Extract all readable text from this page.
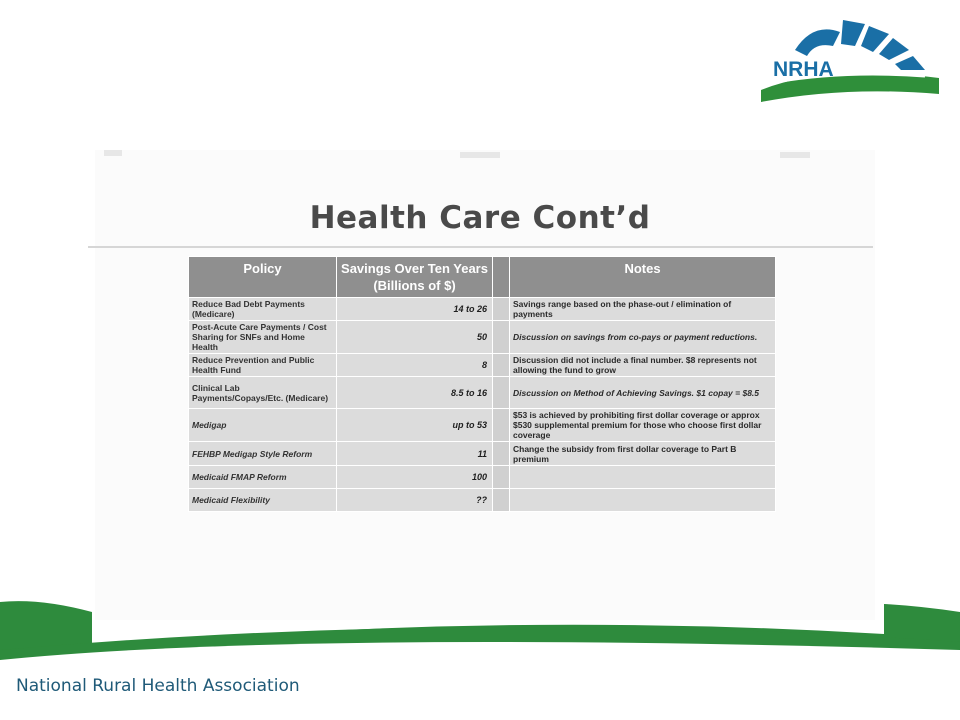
NRHA
Health Care Cont’d
Policy	Savings Over Ten Years (Billions of $)		Notes
Reduce Bad Debt Payments (Medicare)	14 to 26		Savings range based on the phase-out / elimination of payments
Post-Acute Care Payments / Cost Sharing for SNFs and Home Health	50		Discussion on savings from co-pays or payment reductions.
Reduce Prevention and Public Health Fund	8		Discussion did not include a final number. $8 represents not allowing the fund to grow
Clinical Lab Payments/Copays/Etc. (Medicare)	8.5 to 16		Discussion on Method of Achieving Savings. $1 copay = $8.5
Medigap	up to 53		$53 is achieved by prohibiting first dollar coverage or approx $530 supplemental premium for those who choose first dollar coverage
FEHBP Medigap Style Reform	11		Change the subsidy from first dollar coverage to Part B premium
Medicaid FMAP Reform	100		
Medicaid Flexibility	??		
National Rural Health Association
